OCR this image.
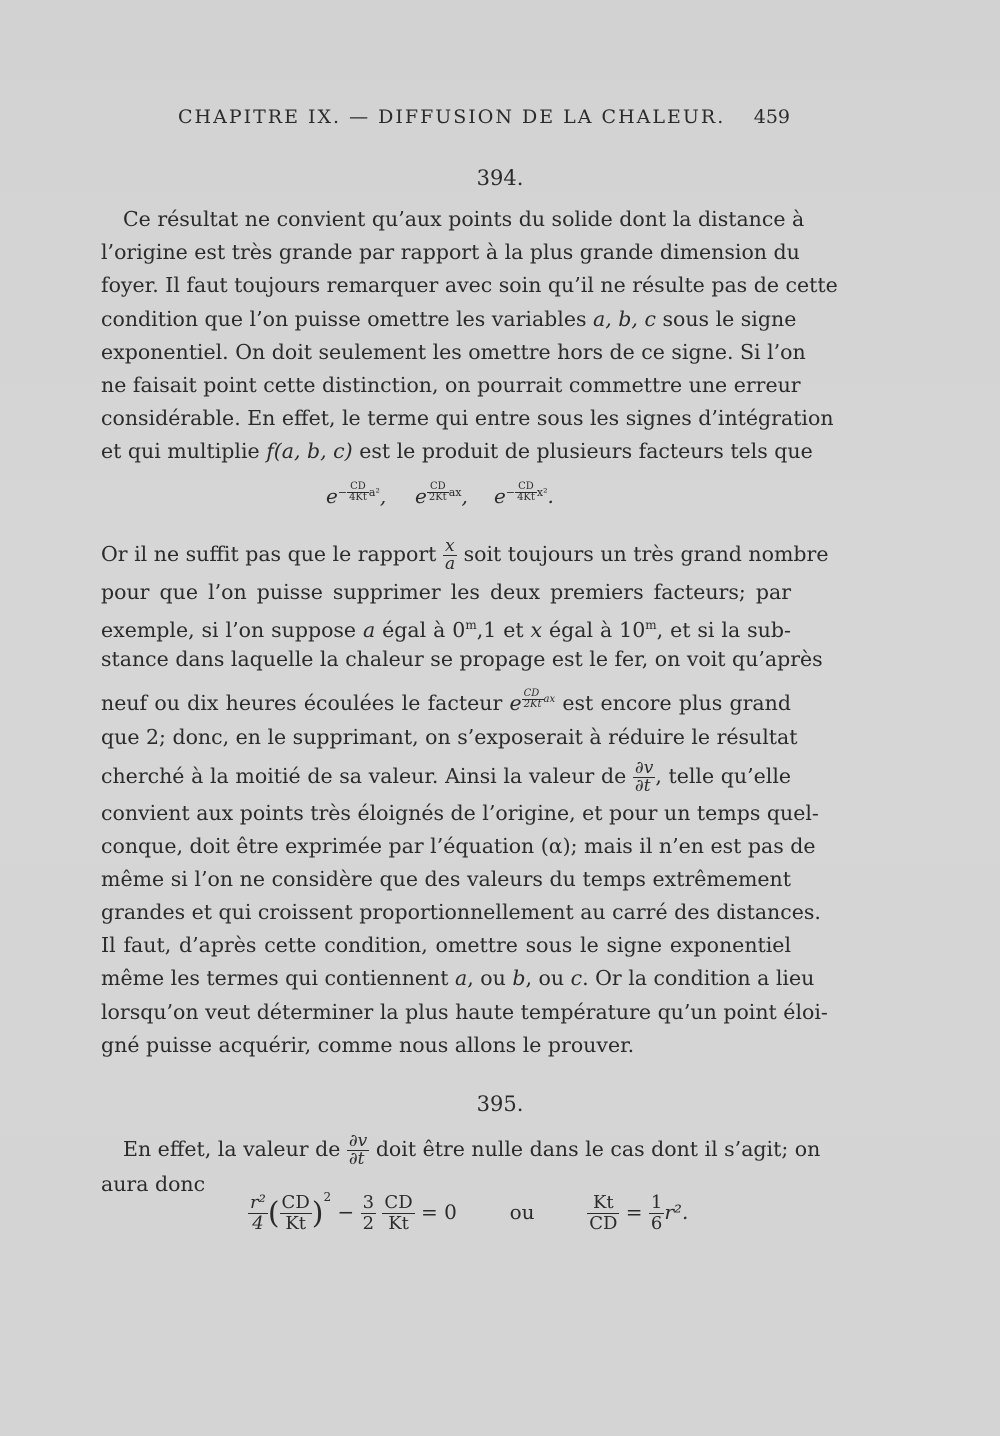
CHAPITRE IX. — DIFFUSION DE LA CHALEUR. 459
394.
Ce résultat ne convient qu’aux points du solide dont la distance à
l’origine est très grande par rapport à la plus grande dimension du
foyer. Il faut toujours remarquer avec soin qu’il ne résulte pas de cette
condition que l’on puisse omettre les variables a, b, c sous le signe
exponentiel. On doit seulement les omettre hors de ce signe. Si l’on
ne faisait point cette distinction, on pourrait commettre une erreur
considérable. En effet, le terme qui entre sous les signes d’intégration
et qui multiplie f(a, b, c) est le produit de plusieurs facteurs tels que
$e^{- \frac{CD}{4Kt} a^2}$, e $^{\frac{CD}{2Kt} ax}$, $e^{- \frac{CD}{4Kt} x^2}$.
Or il ne suffit pas que le rapport $\frac{x}{a}$ soit toujours un très grand nombre
pour que l’on puisse supprimer les deux premiers facteurs; par
exemple, si l’on suppose a égal à 0$^m$,1 et x égal à 10$^m$, et si la sub-
stance dans laquelle la chaleur se propage est le fer, on voit qu’après
neuf ou dix heures écoulées le facteur e $^{\frac{CD}{2Kt} ax}$ est encore plus grand
que 2; donc, en le supprimant, on s’exposerait à réduire le résultat
cherché à la moitié de sa valeur. Ainsi la valeur de $\frac{\partial v}{\partial t}$ , telle qu’elle
convient aux points très éloignés de l’origine, et pour un temps quel-
conque, doit être exprimée par l’équation (α); mais il n’en est pas de
même si l’on ne considère que des valeurs du temps extrêmement
grandes et qui croissent proportionnellement au carré des distances.
Il faut, d’après cette condition, omettre sous le signe exponentiel
même les termes qui contiennent a, ou b, ou c. Or la condition a lieu
lorsqu’on veut déterminer la plus haute température qu’un point éloi-
gné puisse acquérir, comme nous allons le prouver.
395.
En effet, la valeur de $\frac{\partial v}{\partial t}$ doit être nulle dans le cas dont il s’agit; on
aura donc
$\frac{\text{r²}}{4}$ ( $\frac{CD}{Kt} )^2 - \frac{3}{2}$
$\frac{CD}{Kt} = 0$	ou	$\frac{Kt}{CD} = \frac{1}{6} r^2$.
